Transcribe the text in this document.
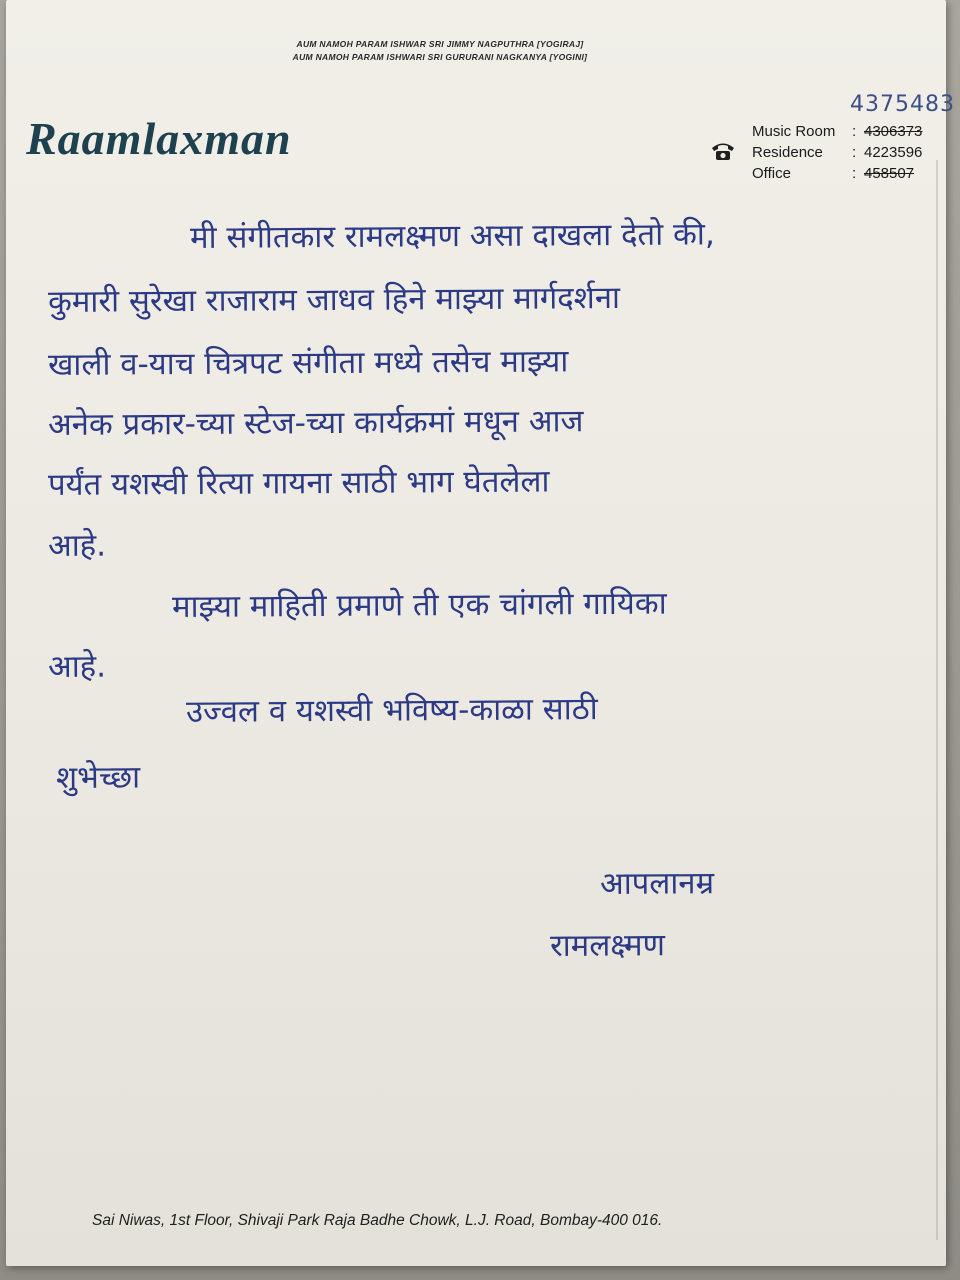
AUM NAMOH PARAM ISHWAR SRI JIMMY NAGPUTHRA [YOGIRAJ]
AUM NAMOH PARAM ISHWARI SRI GURURANI NAGKANYA [YOGINI]
Raamlaxman
4375483
Music Room	: 4306373
Residence	: 4223596
Office	: 458507
मी संगीतकार रामलक्ष्मण असा दाखला देतो की,
कुमारी सुरेखा राजाराम जाधव हिने माझ्या मार्गदर्शना
खाली व-याच चित्रपट संगीता मध्ये तसेच माझ्या
अनेक प्रकार-च्या स्टेज-च्या कार्यक्रमां मधून आज
पर्यंत यशस्वी रित्या गायना साठी भाग घेतलेला
आहे.
माझ्या माहिती प्रमाणे ती एक चांगली गायिका
आहे.
उज्वल व यशस्वी भविष्य-काळा साठी
शुभेच्छा
आपलानम्र
रामलक्ष्मण
Sai Niwas, 1st Floor, Shivaji Park Raja Badhe Chowk, L.J. Road, Bombay-400 016.
